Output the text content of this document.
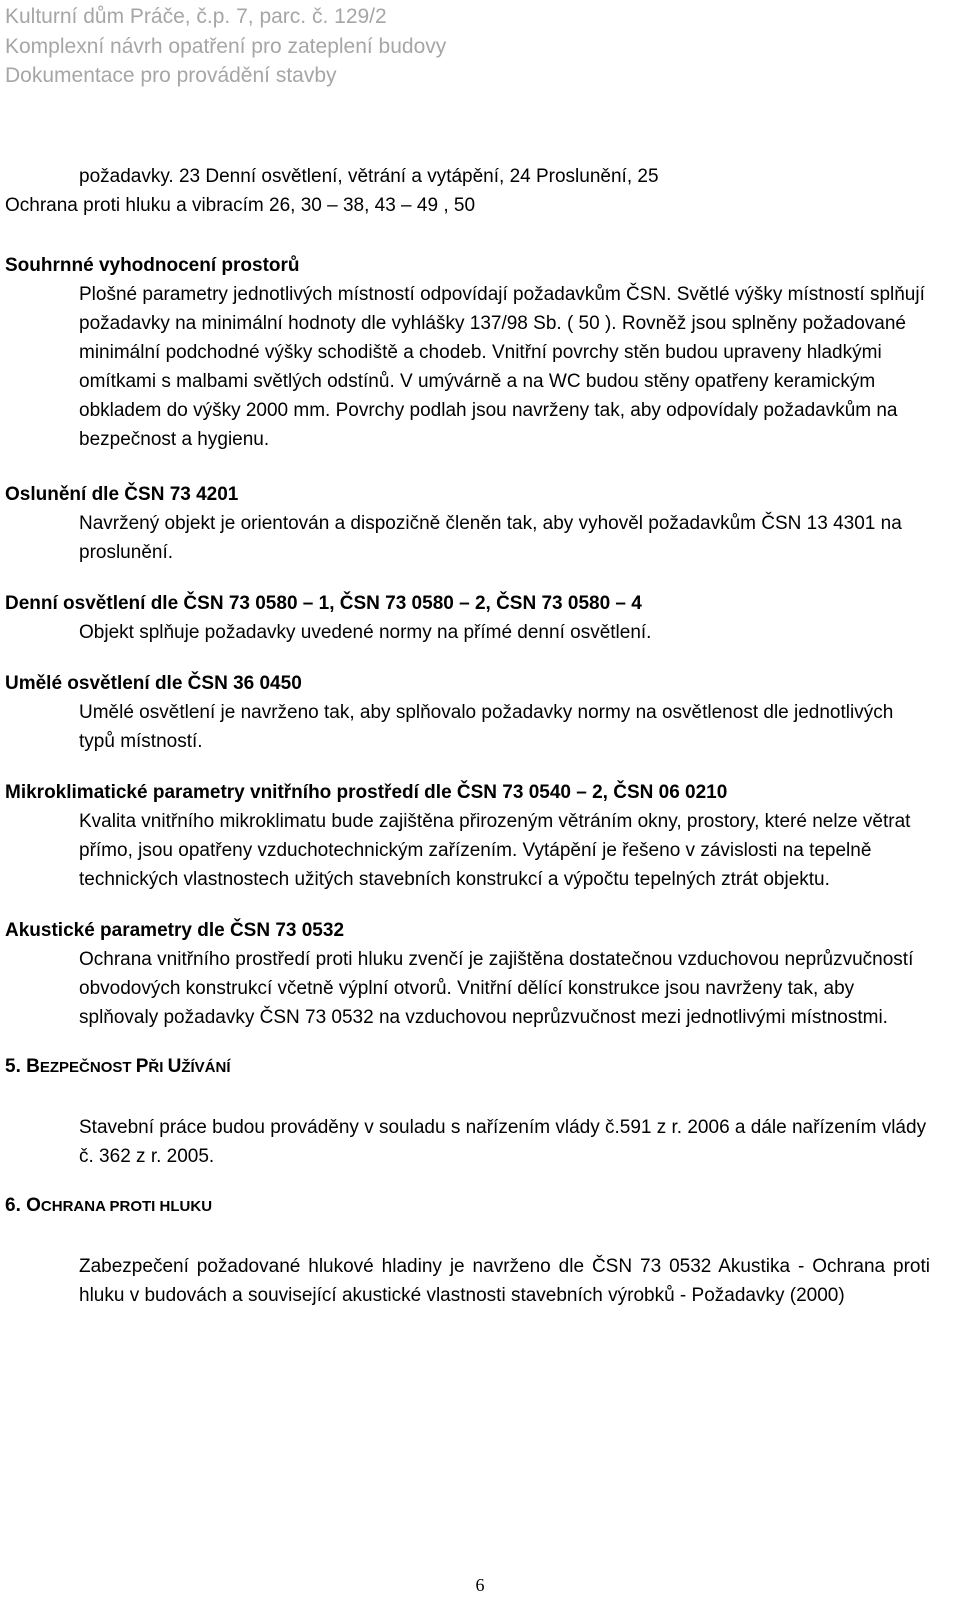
Kulturní dům Práče, č.p. 7, parc. č. 129/2
Komplexní návrh opatření pro zateplení budovy
Dokumentace pro provádění stavby

požadavky. 23 Denní osvětlení, větrání a vytápění, 24 Proslunění, 25

Ochrana proti hluku a vibracím 26, 30 – 38, 43 – 49 , 50

Souhrnné vyhodnocení prostorů

Plošné parametry jednotlivých místností odpovídají požadavkům ČSN. Světlé výšky místností splňují požadavky na minimální hodnoty dle vyhlášky 137/98 Sb. ( 50 ). Rovněž jsou splněny požadované minimální podchodné výšky schodiště a chodeb. Vnitřní povrchy stěn budou upraveny hladkými omítkami s malbami světlých odstínů. V umývárně a na WC budou stěny opatřeny keramickým obkladem do výšky 2000 mm. Povrchy podlah jsou navrženy tak, aby odpovídaly požadavkům na bezpečnost a hygienu.

Oslunění dle ČSN 73 4201

Navržený objekt je orientován a dispozičně členěn tak, aby vyhověl požadavkům ČSN 13 4301 na proslunění.

Denní osvětlení dle ČSN 73 0580 – 1, ČSN 73 0580 – 2, ČSN 73 0580 – 4

Objekt splňuje požadavky uvedené normy na přímé denní osvětlení.

Umělé osvětlení dle ČSN 36 0450

Umělé osvětlení je navrženo tak, aby splňovalo požadavky normy na osvětlenost dle jednotlivých typů místností.

Mikroklimatické parametry vnitřního prostředí dle ČSN 73 0540 – 2, ČSN 06 0210

Kvalita vnitřního mikroklimatu bude zajištěna přirozeným větráním okny, prostory, které nelze větrat přímo, jsou opatřeny vzduchotechnickým zařízením. Vytápění je řešeno v závislosti na tepelně technických vlastnostech užitých stavebních konstrukcí a výpočtu tepelných ztrát objektu.

Akustické parametry dle ČSN 73 0532

Ochrana vnitřního prostředí proti hluku zvenčí je zajištěna dostatečnou vzduchovou neprůzvučností obvodových konstrukcí včetně výplní otvorů. Vnitřní dělící konstrukce jsou navrženy tak, aby splňovaly požadavky ČSN 73 0532 na vzduchovou neprůzvučnost mezi jednotlivými místnostmi.

5. BEZPEČNOST PŘI UŽÍVÁNÍ

Stavební práce budou prováděny v souladu s nařízením vlády č.591 z r. 2006 a dále nařízením vlády č. 362 z r. 2005.

6. OCHRANA PROTI HLUKU

Zabezpečení požadované hlukové hladiny je navrženo dle ČSN 73 0532 Akustika - Ochrana proti hluku v budovách a související akustické vlastnosti stavebních výrobků - Požadavky (2000)

6
